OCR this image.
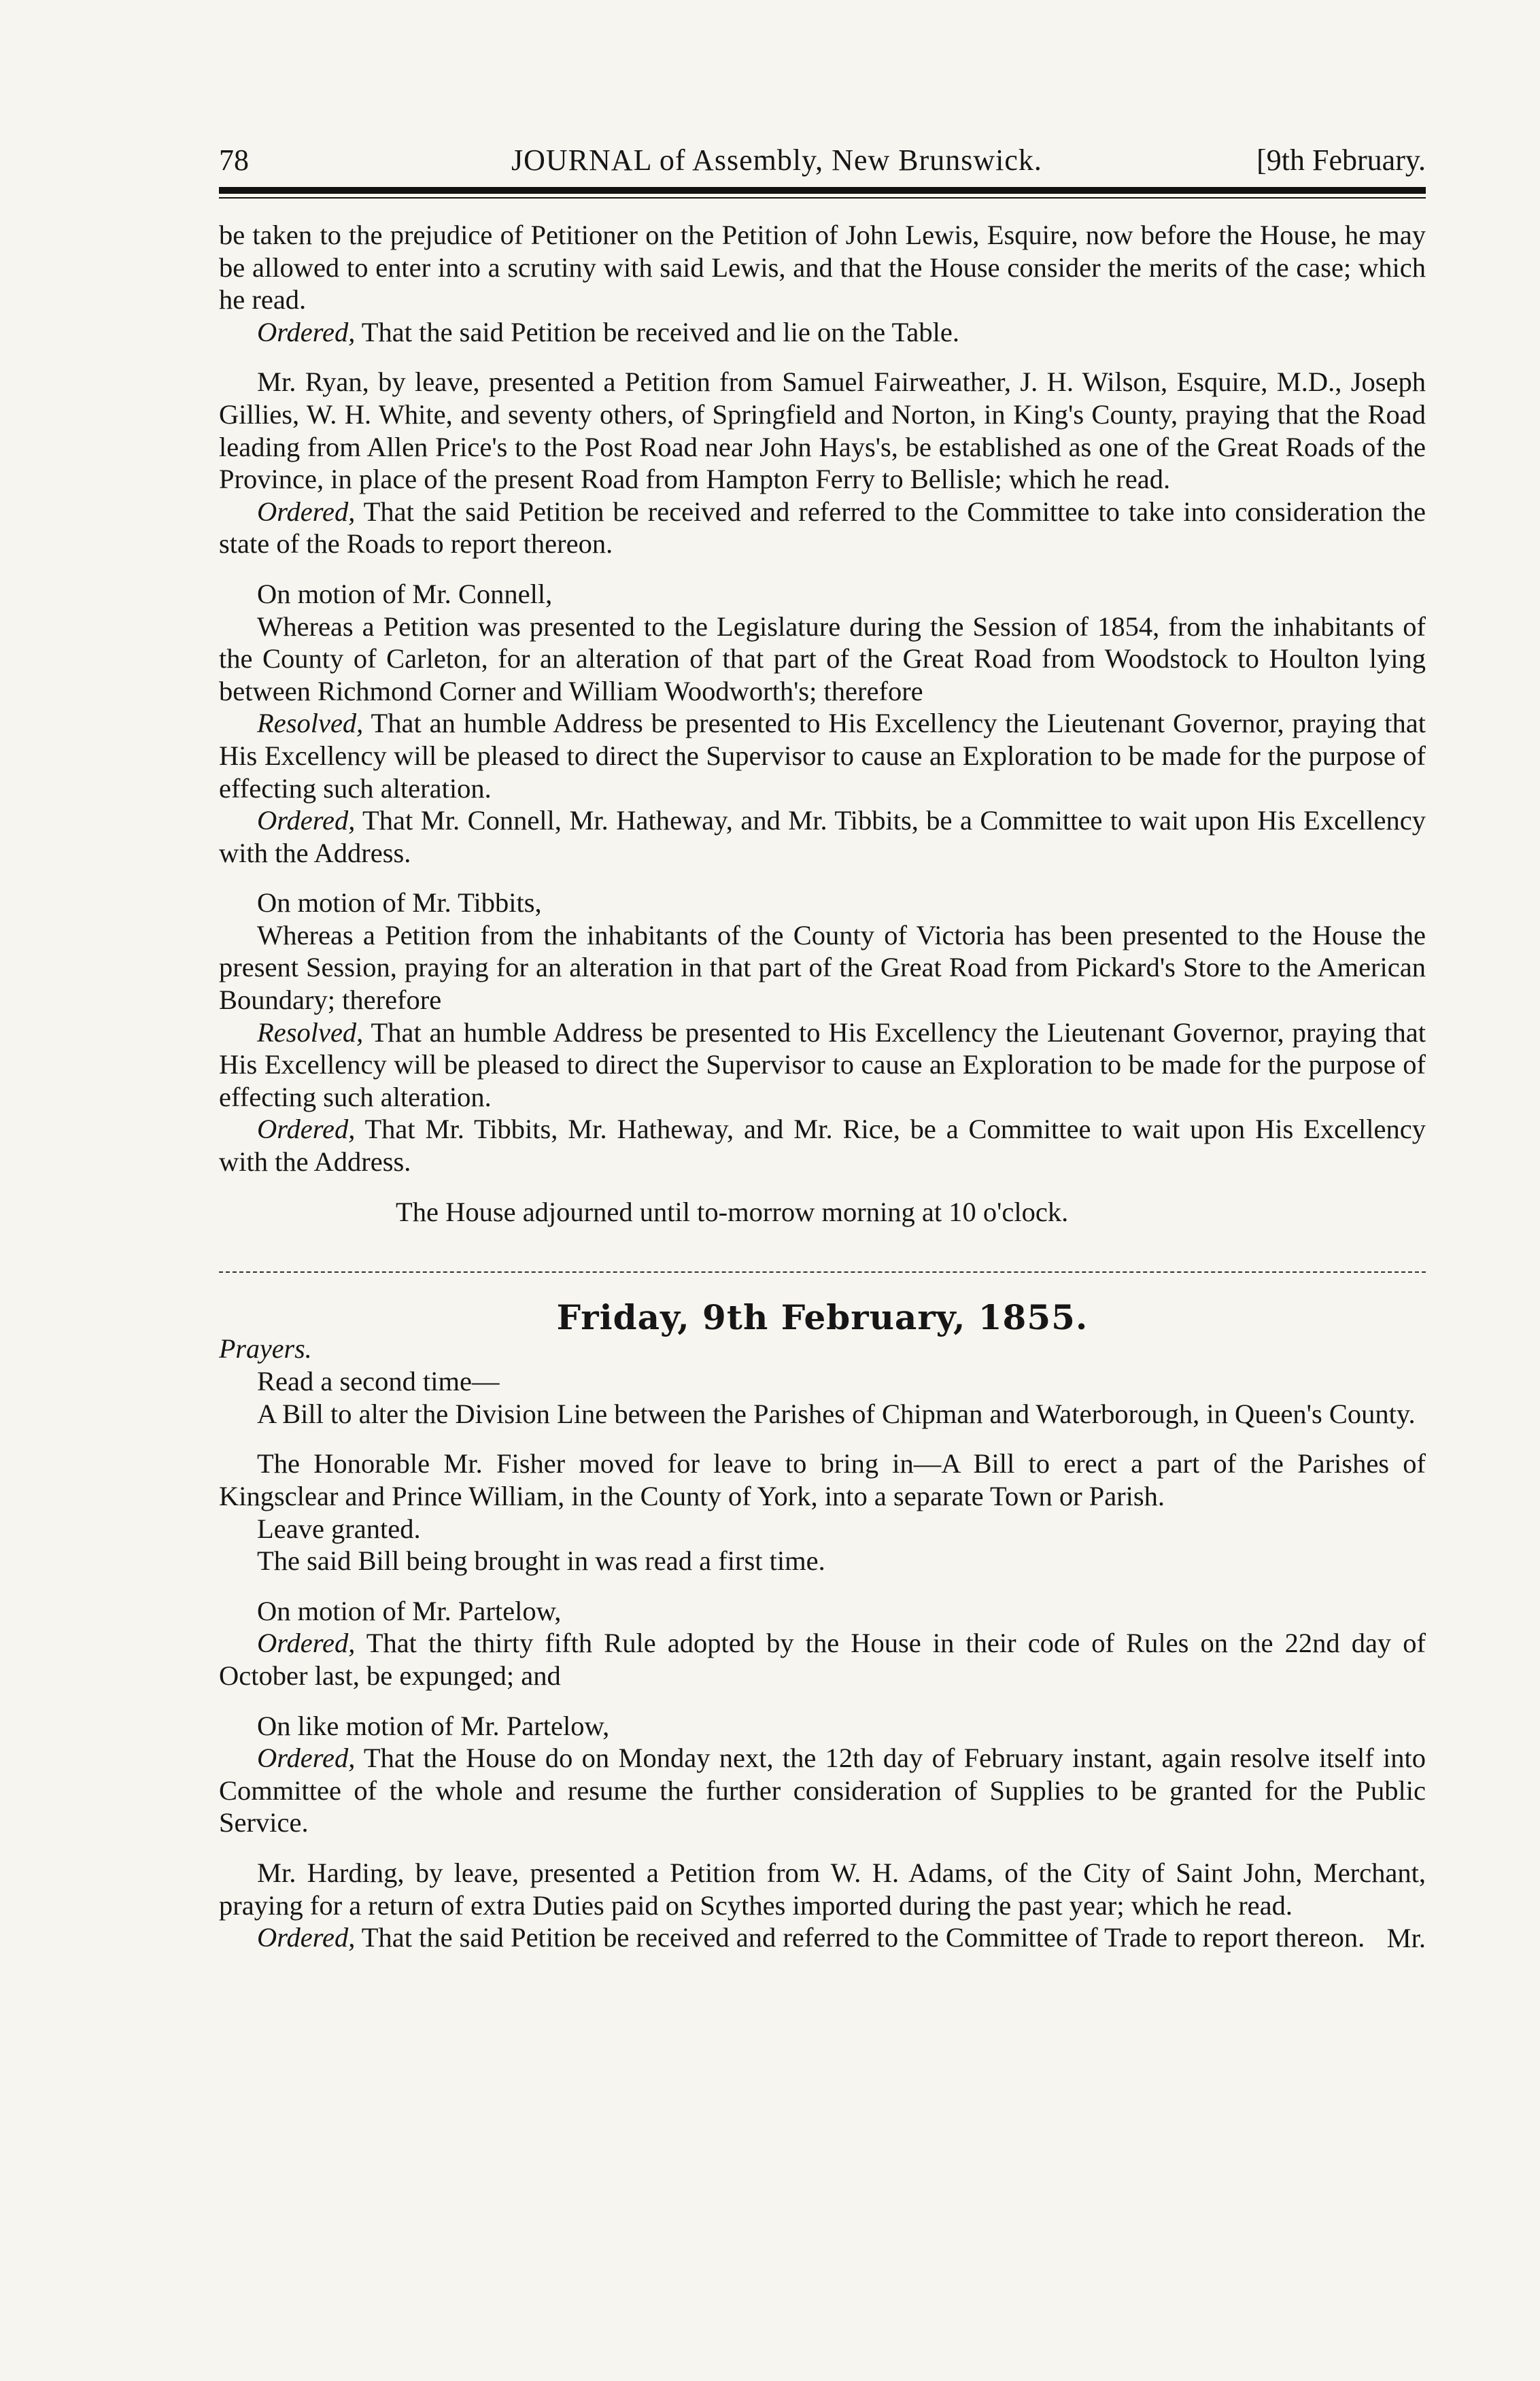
78	JOURNAL of Assembly, New Brunswick.	[9th February.

be taken to the prejudice of Petitioner on the Petition of John Lewis, Esquire, now before the House, he may be allowed to enter into a scrutiny with said Lewis, and that the House consider the merits of the case; which he read.

Ordered, That the said Petition be received and lie on the Table.

Mr. Ryan, by leave, presented a Petition from Samuel Fairweather, J. H. Wilson, Esquire, M.D., Joseph Gillies, W. H. White, and seventy others, of Springfield and Norton, in King's County, praying that the Road leading from Allen Price's to the Post Road near John Hays's, be established as one of the Great Roads of the Province, in place of the present Road from Hampton Ferry to Bellisle; which he read.

Ordered, That the said Petition be received and referred to the Committee to take into consideration the state of the Roads to report thereon.

On motion of Mr. Connell,

Whereas a Petition was presented to the Legislature during the Session of 1854, from the inhabitants of the County of Carleton, for an alteration of that part of the Great Road from Woodstock to Houlton lying between Richmond Corner and William Woodworth's; therefore

Resolved, That an humble Address be presented to His Excellency the Lieutenant Governor, praying that His Excellency will be pleased to direct the Supervisor to cause an Exploration to be made for the purpose of effecting such alteration.

Ordered, That Mr. Connell, Mr. Hatheway, and Mr. Tibbits, be a Committee to wait upon His Excellency with the Address.

On motion of Mr. Tibbits,

Whereas a Petition from the inhabitants of the County of Victoria has been presented to the House the present Session, praying for an alteration in that part of the Great Road from Pickard's Store to the American Boundary; therefore

Resolved, That an humble Address be presented to His Excellency the Lieutenant Governor, praying that His Excellency will be pleased to direct the Supervisor to cause an Exploration to be made for the purpose of effecting such alteration.

Ordered, That Mr. Tibbits, Mr. Hatheway, and Mr. Rice, be a Committee to wait upon His Excellency with the Address.

The House adjourned until to-morrow morning at 10 o'clock.

Friday, 9th February, 1855.
Prayers.

Read a second time—

A Bill to alter the Division Line between the Parishes of Chipman and Waterborough, in Queen's County.

The Honorable Mr. Fisher moved for leave to bring in—A Bill to erect a part of the Parishes of Kingsclear and Prince William, in the County of York, into a separate Town or Parish.

Leave granted.

The said Bill being brought in was read a first time.

On motion of Mr. Partelow,

Ordered, That the thirty fifth Rule adopted by the House in their code of Rules on the 22nd day of October last, be expunged; and

On like motion of Mr. Partelow,

Ordered, That the House do on Monday next, the 12th day of February instant, again resolve itself into Committee of the whole and resume the further consideration of Supplies to be granted for the Public Service.

Mr. Harding, by leave, presented a Petition from W. H. Adams, of the City of Saint John, Merchant, praying for a return of extra Duties paid on Scythes imported during the past year; which he read.

Ordered, That the said Petition be received and referred to the Committee of Trade to report thereon. Mr.
